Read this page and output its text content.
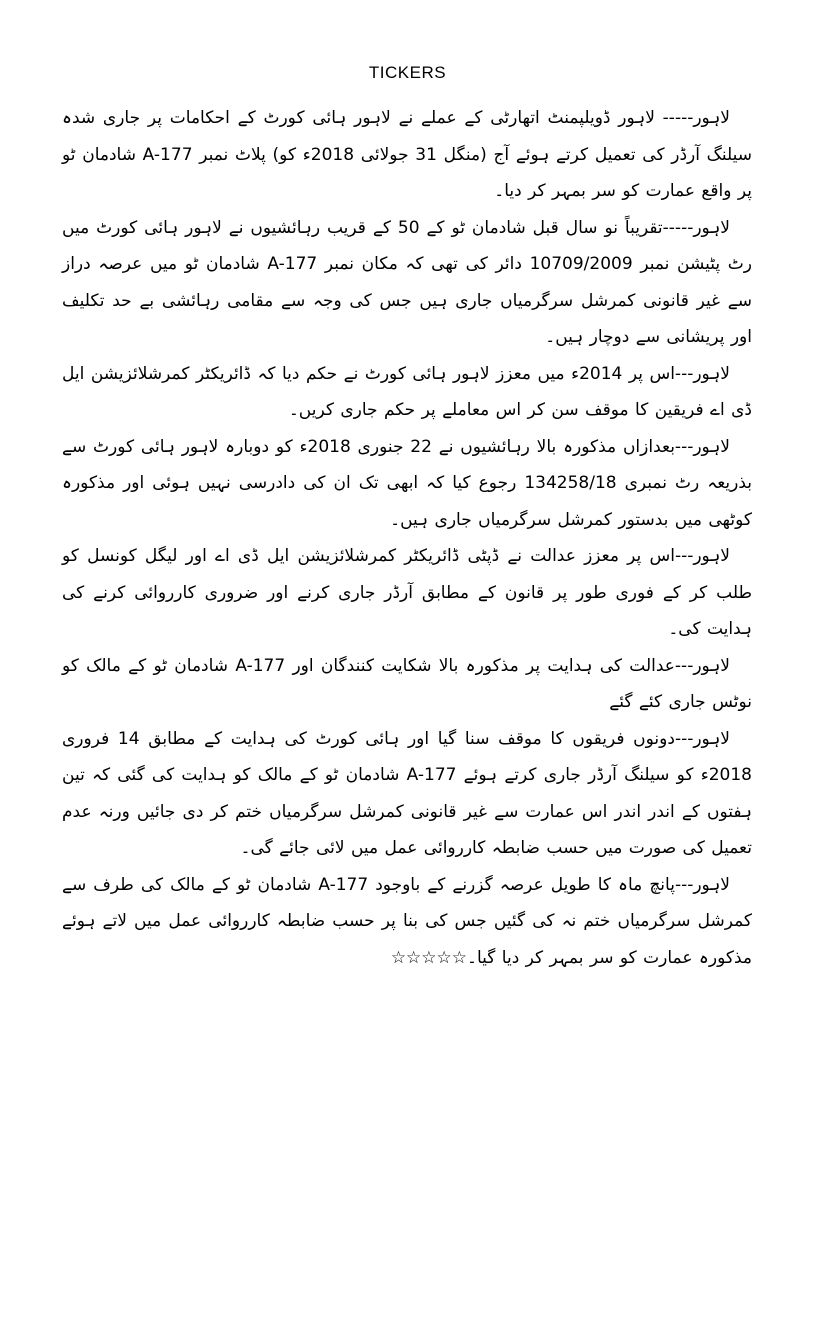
TICKERS

لاہور----- لاہور ڈویلپمنٹ اتھارٹی کے عملے نے لاہور ہائی کورٹ کے احکامات پر جاری شدہ سیلنگ آرڈر کی تعمیل کرتے ہوئے آج (منگل 31 جولائی 2018ء کو) پلاٹ نمبر A-177 شادمان ٹو پر واقع عمارت کو سر بمہر کر دیا۔

لاہور-----تقریباً نو سال قبل شادمان ٹو کے 50 کے قریب رہائشیوں نے لاہور ہائی کورٹ میں رٹ پٹیشن نمبر 10709/2009 دائر کی تھی کہ مکان نمبر A-177 شادمان ٹو میں عرصہ دراز سے غیر قانونی کمرشل سرگرمیاں جاری ہیں جس کی وجہ سے مقامی رہائشی بے حد تکلیف اور پریشانی سے دوچار ہیں۔

لاہور---اس پر 2014ء میں معزز لاہور ہائی کورٹ نے حکم دیا کہ ڈائریکٹر کمرشلائزیشن ایل ڈی اے فریقین کا موقف سن کر اس معاملے پر حکم جاری کریں۔

لاہور---بعدازاں مذکورہ بالا رہائشیوں نے 22 جنوری 2018ء کو دوبارہ لاہور ہائی کورٹ سے بذریعہ رٹ نمبری 134258/18 رجوع کیا کہ ابھی تک ان کی دادرسی نہیں ہوئی اور مذکورہ کوٹھی میں بدستور کمرشل سرگرمیاں جاری ہیں۔

لاہور---اس پر معزز عدالت نے ڈپٹی ڈائریکٹر کمرشلائزیشن ایل ڈی اے اور لیگل کونسل کو طلب کر کے فوری طور پر قانون کے مطابق آرڈر جاری کرنے اور ضروری کارروائی کرنے کی ہدایت کی۔

لاہور---عدالت کی ہدایت پر مذکورہ بالا شکایت کنندگان اور A-177 شادمان ٹو کے مالک کو نوٹس جاری کئے گئے

لاہور---دونوں فریقوں کا موقف سنا گیا اور ہائی کورٹ کی ہدایت کے مطابق 14 فروری 2018ء کو سیلنگ آرڈر جاری کرتے ہوئے A-177 شادمان ٹو کے مالک کو ہدایت کی گئی کہ تین ہفتوں کے اندر اندر اس عمارت سے غیر قانونی کمرشل سرگرمیاں ختم کر دی جائیں ورنہ عدم تعمیل کی صورت میں حسب ضابطہ کارروائی عمل میں لائی جائے گی۔

لاہور---پانچ ماہ کا طویل عرصہ گزرنے کے باوجود A-177 شادمان ٹو کے مالک کی طرف سے کمرشل سرگرمیاں ختم نہ کی گئیں جس کی بنا پر حسب ضابطہ کارروائی عمل میں لاتے ہوئے مذکورہ عمارت کو سر بمہر کر دیا گیا۔☆☆☆☆☆
